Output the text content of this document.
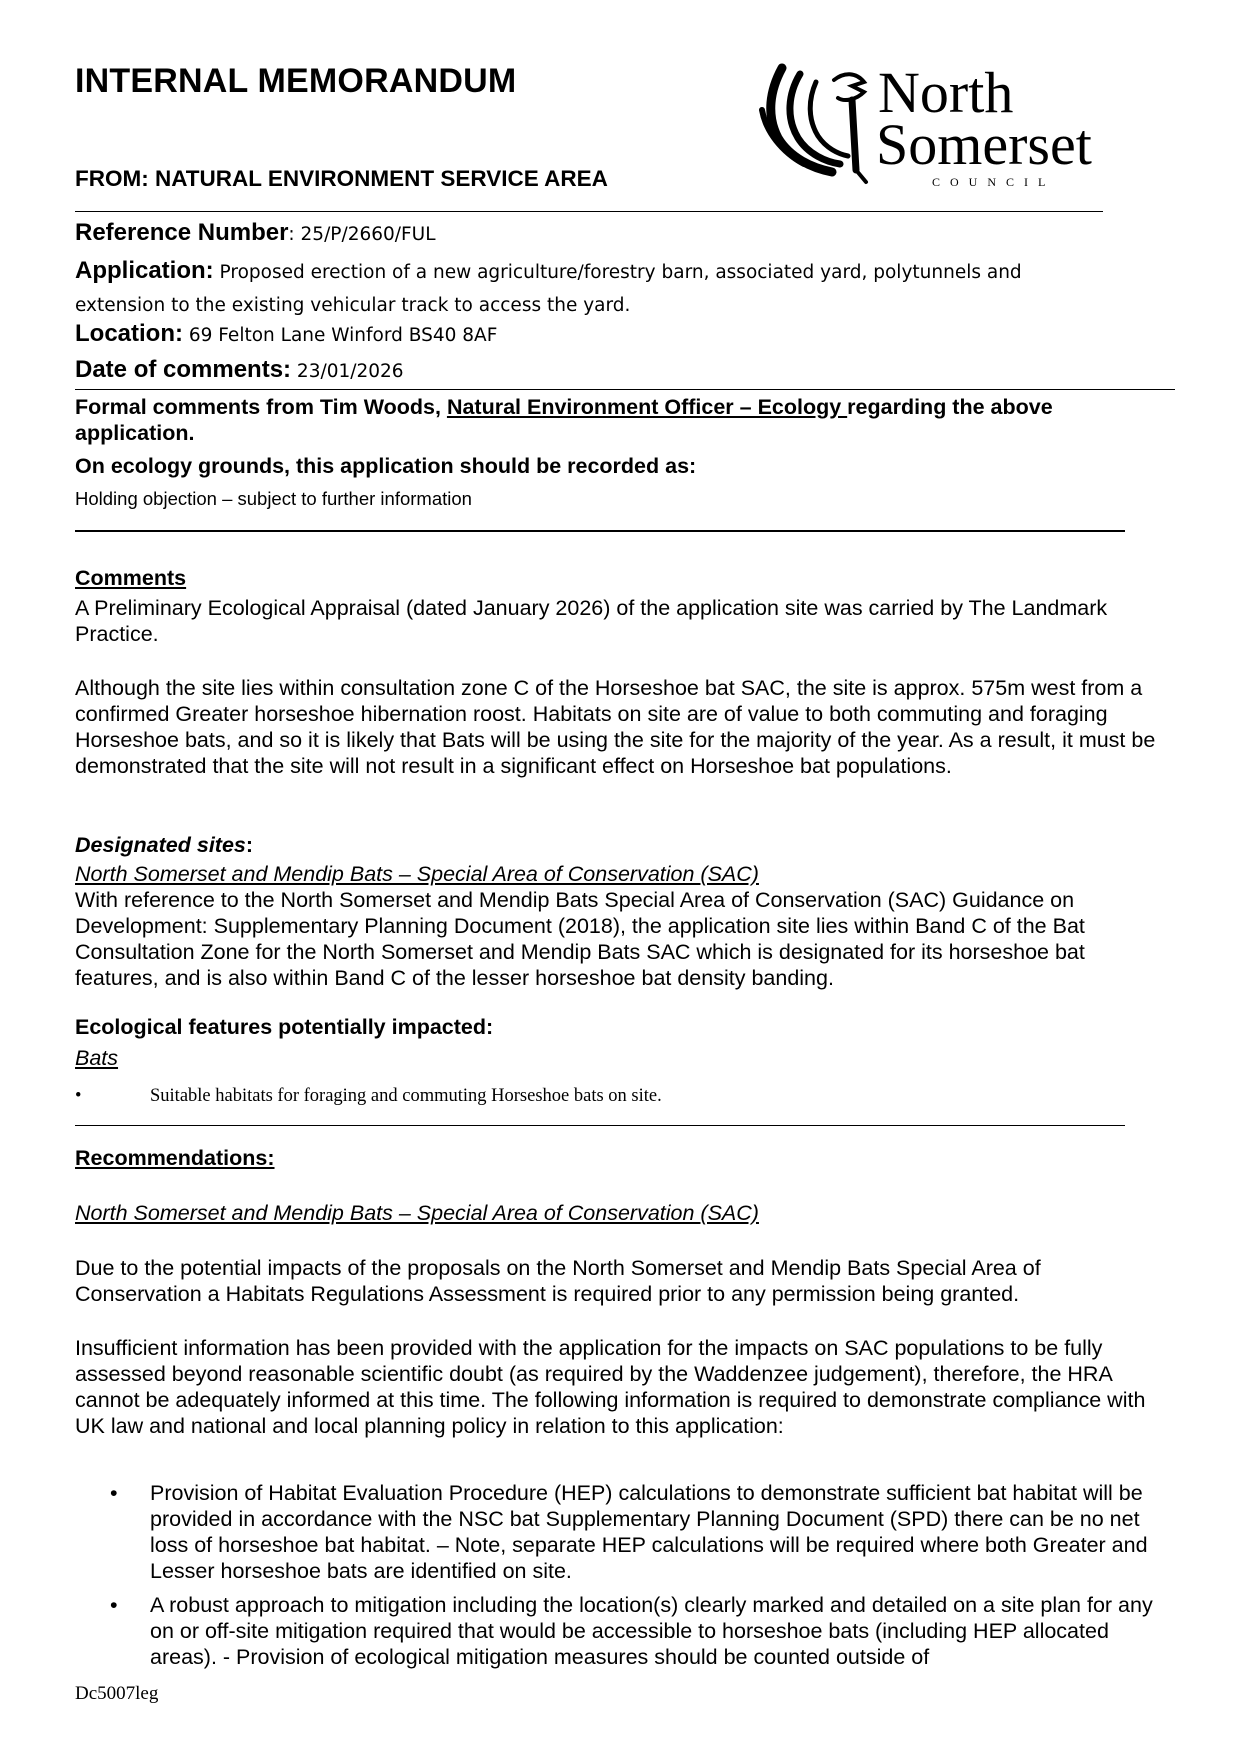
INTERNAL MEMORANDUM
FROM: NATURAL ENVIRONMENT SERVICE AREA
North
Somerset
COUNCIL
Reference Number: 25/P/2660/FUL
Application: Proposed erection of a new agriculture/forestry barn, associated yard, polytunnels and extension to the existing vehicular track to access the yard.
Location: 69 Felton Lane Winford BS40 8AF
Date of comments: 23/01/2026
Formal comments from Tim Woods, Natural Environment Officer – Ecology regarding the above application.
On ecology grounds, this application should be recorded as:
Holding objection – subject to further information
Comments
A Preliminary Ecological Appraisal (dated January 2026) of the application site was carried by The Landmark Practice.
Although the site lies within consultation zone C of the Horseshoe bat SAC, the site is approx. 575m west from a confirmed Greater horseshoe hibernation roost. Habitats on site are of value to both commuting and foraging Horseshoe bats, and so it is likely that Bats will be using the site for the majority of the year. As a result, it must be demonstrated that the site will not result in a significant effect on Horseshoe bat populations.
Designated sites:
North Somerset and Mendip Bats – Special Area of Conservation (SAC)
With reference to the North Somerset and Mendip Bats Special Area of Conservation (SAC) Guidance on Development: Supplementary Planning Document (2018), the application site lies within Band C of the Bat Consultation Zone for the North Somerset and Mendip Bats SAC which is designated for its horseshoe bat features, and is also within Band C of the lesser horseshoe bat density banding.
Ecological features potentially impacted:
Bats
•	Suitable habitats for foraging and commuting Horseshoe bats on site.
Recommendations:
North Somerset and Mendip Bats – Special Area of Conservation (SAC)
Due to the potential impacts of the proposals on the North Somerset and Mendip Bats Special Area of Conservation a Habitats Regulations Assessment is required prior to any permission being granted.
Insufficient information has been provided with the application for the impacts on SAC populations to be fully assessed beyond reasonable scientific doubt (as required by the Waddenzee judgement), therefore, the HRA cannot be adequately informed at this time. The following information is required to demonstrate compliance with UK law and national and local planning policy in relation to this application:
• Provision of Habitat Evaluation Procedure (HEP) calculations to demonstrate sufficient bat habitat will be provided in accordance with the NSC bat Supplementary Planning Document (SPD) there can be no net loss of horseshoe bat habitat. – Note, separate HEP calculations will be required where both Greater and Lesser horseshoe bats are identified on site.
• A robust approach to mitigation including the location(s) clearly marked and detailed on a site plan for any on or off-site mitigation required that would be accessible to horseshoe bats (including HEP allocated areas). - Provision of ecological mitigation measures should be counted outside of
Dc5007leg
